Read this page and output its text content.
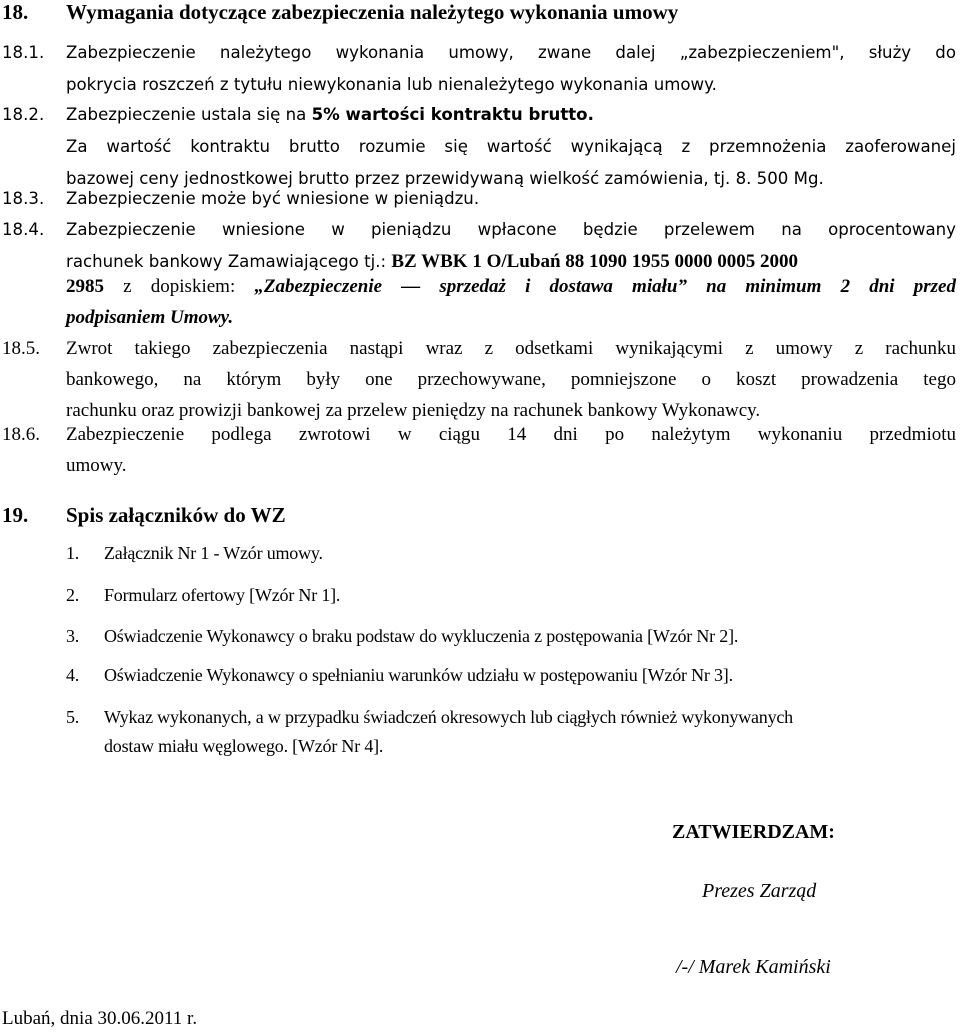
18. Wymagania dotyczące zabezpieczenia należytego wykonania umowy
18.1. Zabezpieczenie należytego wykonania umowy, zwane dalej „zabezpieczeniem", służy do
pokrycia roszczeń z tytułu niewykonania lub nienależytego wykonania umowy.
18.2. Zabezpieczenie ustala się na 5% wartości kontraktu brutto.
Za wartość kontraktu brutto rozumie się wartość wynikającą z przemnożenia zaoferowanej
bazowej ceny jednostkowej brutto przez przewidywaną wielkość zamówienia, tj. 8. 500 Mg.
18.3. Zabezpieczenie może być wniesione w pieniądzu.
18.4. Zabezpieczenie wniesione w pieniądzu wpłacone będzie przelewem na oprocentowany
rachunek bankowy Zamawiającego tj.: BZ WBK 1 O/Lubań 88 1090 1955 0000 0005 2000
2985 z dopiskiem: „Zabezpieczenie — sprzedaż i dostawa miału” na minimum 2 dni przed
podpisaniem Umowy.
18.5. Zwrot takiego zabezpieczenia nastąpi wraz z odsetkami wynikającymi z umowy z rachunku
bankowego, na którym były one przechowywane, pomniejszone o koszt prowadzenia tego
rachunku oraz prowizji bankowej za przelew pieniędzy na rachunek bankowy Wykonawcy.
18.6. Zabezpieczenie podlega zwrotowi w ciągu 14 dni po należytym wykonaniu przedmiotu
umowy.
19. Spis załączników do WZ
1. Załącznik Nr 1 - Wzór umowy.
2. Formularz ofertowy [Wzór Nr 1].
3. Oświadczenie Wykonawcy o braku podstaw do wykluczenia z postępowania [Wzór Nr 2].
4. Oświadczenie Wykonawcy o spełnianiu warunków udziału w postępowaniu [Wzór Nr 3].
5. Wykaz wykonanych, a w przypadku świadczeń okresowych lub ciągłych również wykonywanych
dostaw miału węglowego. [Wzór Nr 4].
ZATWIERDZAM:
Prezes Zarząd
/-/ Marek Kamiński
Lubań, dnia 30.06.2011 r.
